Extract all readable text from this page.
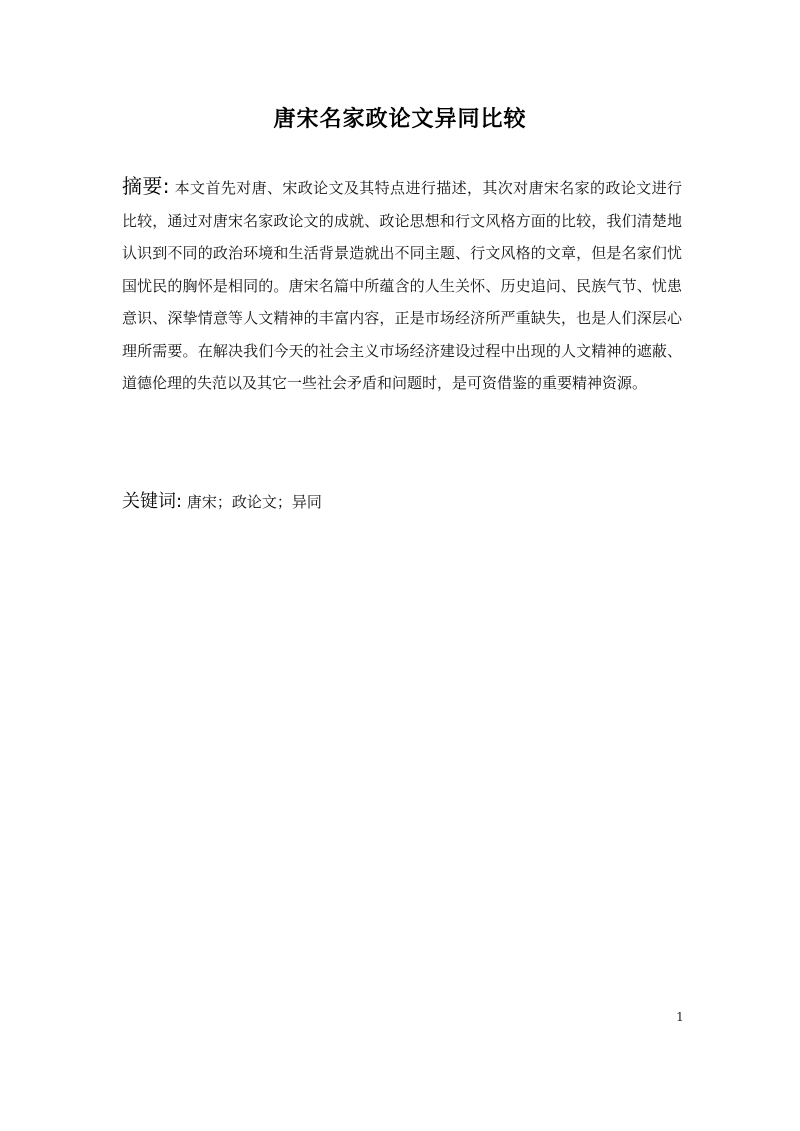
唐宋名家政论文异同比较
摘要: 本文首先对唐、宋政论文及其特点进行描述，其次对唐宋名家的政论文进行比较，通过对唐宋名家政论文的成就、政论思想和行文风格方面的比较，我们清楚地认识到不同的政治环境和生活背景造就出不同主题、行文风格的文章，但是名家们忧国忧民的胸怀是相同的。唐宋名篇中所蕴含的人生关怀、历史追问、民族气节、忧患意识、深挚情意等人文精神的丰富内容，正是市场经济所严重缺失，也是人们深层心理所需要。在解决我们今天的社会主义市场经济建设过程中出现的人文精神的遮蔽、道德伦理的失范以及其它一些社会矛盾和问题时，是可资借鉴的重要精神资源。
关键词: 唐宋；政论文；异同
1
